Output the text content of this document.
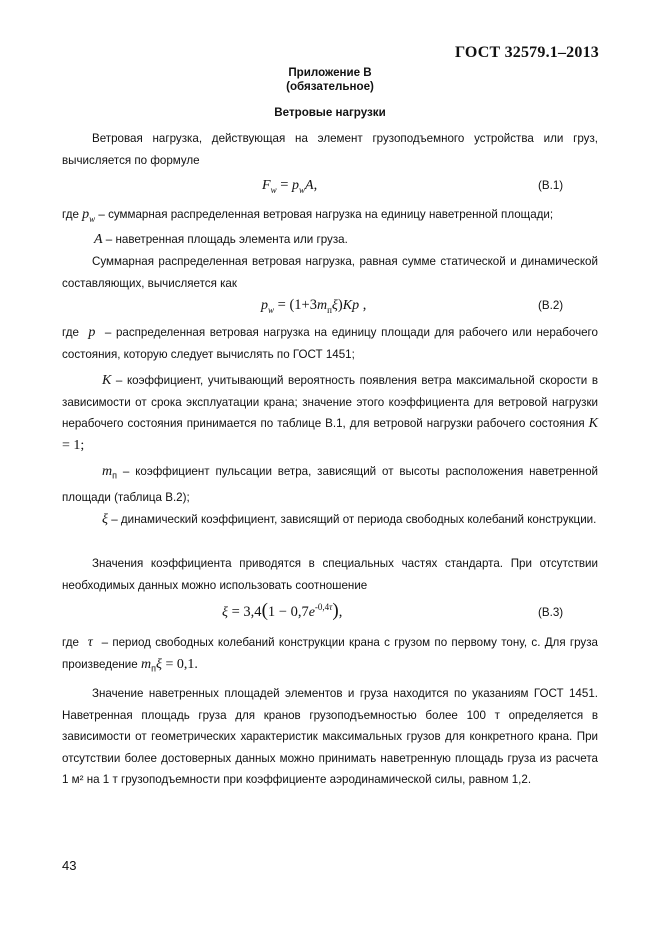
ГОСТ 32579.1–2013
Приложение В
(обязательное)
Ветровые нагрузки
Ветровая нагрузка, действующая на элемент грузоподъемного устройства или груз, вычисляется по формуле
$F_w = p_wA$,	(В.1)
где $p_w$ – суммарная распределенная ветровая нагрузка на единицу наветренной площади;
A – наветренная площадь элемента или груза.
Суммарная распределенная ветровая нагрузка, равная сумме статической и динамической составляющих, вычисляется как
$p_w = (1+3m_п\xi)Kp$ ,	(В.2)
где  p  – распределенная ветровая нагрузка на единицу площади для рабочего или нерабочего состояния, которую следует вычислять по ГОСТ 1451;
K – коэффициент, учитывающий вероятность появления ветра максимальной скорости в зависимости от срока эксплуатации крана; значение этого коэффициента для ветровой нагрузки нерабочего состояния принимается по таблице В.1, для ветровой нагрузки рабочего состояния K = 1;
$m_п$ – коэффициент пульсации ветра, зависящий от высоты расположения наветренной площади (таблица В.2);
ξ – динамический коэффициент, зависящий от периода свободных колебаний конструкции.
Значения коэффициента приводятся в специальных частях стандарта. При отсутствии необходимых данных можно использовать соотношение
$\xi = 3,4(1 - 0,7e^{-0,4\tau})$,	(В.3)
где  τ  – период свободных колебаний конструкции крана с грузом по первому тону, с. Для груза произведение $m_п\xi = 0,1$.
Значение наветренных площадей элементов и груза находится по указаниям ГОСТ 1451. Наветренная площадь груза для кранов грузоподъемностью более 100 т определяется в зависимости от геометрических характеристик максимальных грузов для конкретного крана. При отсутствии более достоверных данных можно принимать наветренную площадь груза из расчета 1 м² на 1 т грузоподъемности при коэффициенте аэродинамической силы, равном 1,2.
43
